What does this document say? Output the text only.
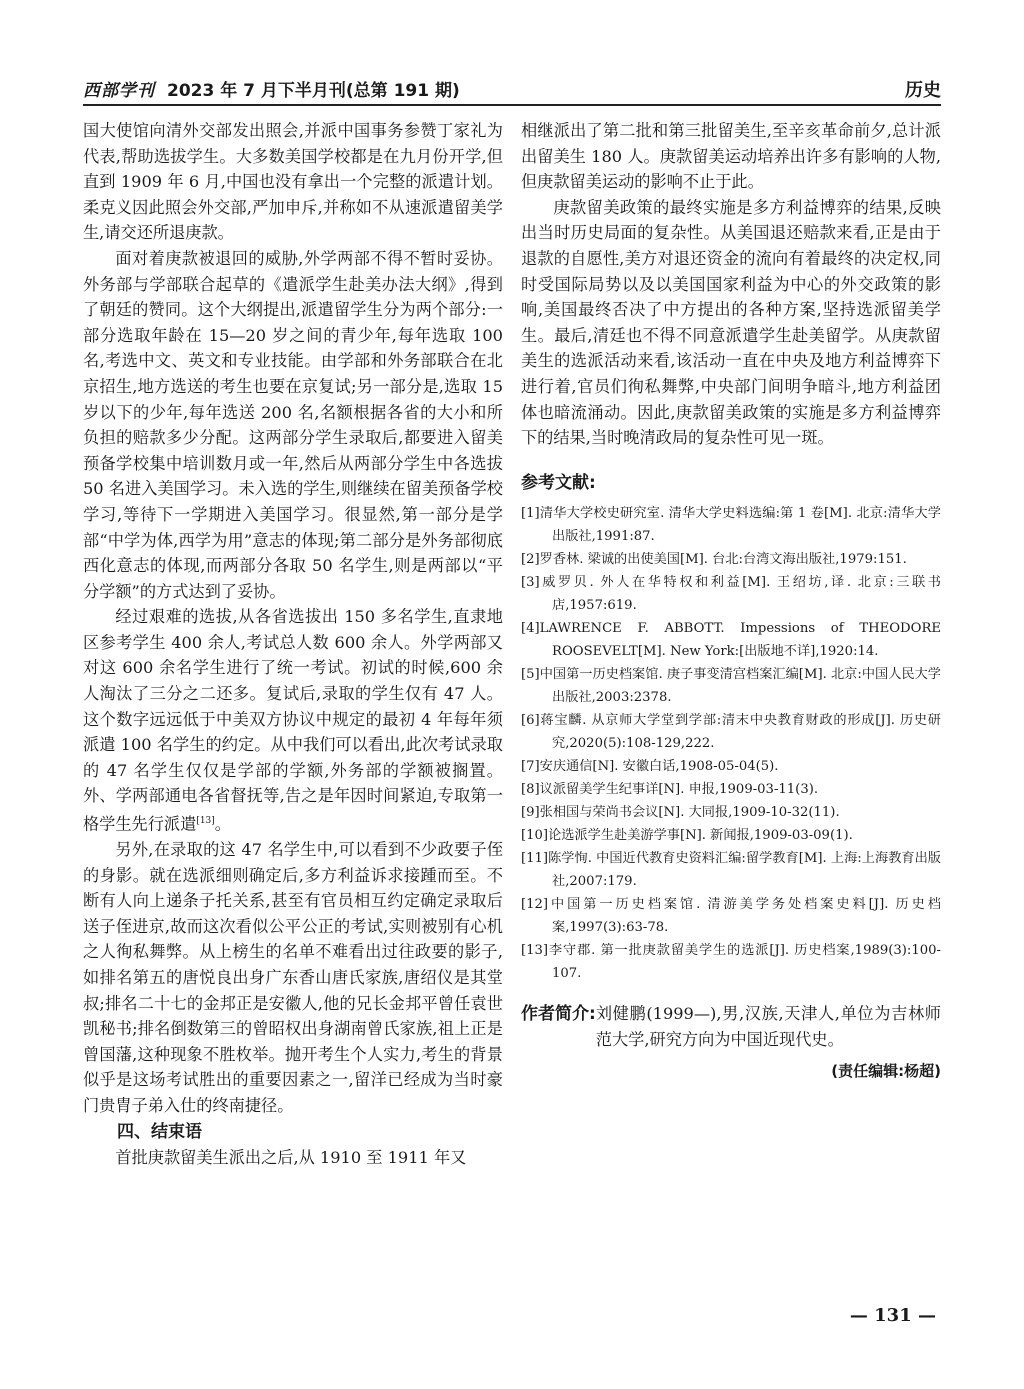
西部学刊 2023 年 7 月下半月刊(总第 191 期)	历史

国大使馆向清外交部发出照会,并派中国事务参赞丁家礼为代表,帮助选拔学生。大多数美国学校都是在九月份开学,但直到 1909 年 6 月,中国也没有拿出一个完整的派遣计划。柔克义因此照会外交部,严加申斥,并称如不从速派遣留美学生,请交还所退庚款。

面对着庚款被退回的威胁,外学两部不得不暂时妥协。外务部与学部联合起草的《遣派学生赴美办法大纲》,得到了朝廷的赞同。这个大纲提出,派遣留学生分为两个部分:一部分选取年龄在 15—20 岁之间的青少年,每年选取 100 名,考选中文、英文和专业技能。由学部和外务部联合在北京招生,地方选送的考生也要在京复试;另一部分是,选取 15 岁以下的少年,每年选送 200 名,名额根据各省的大小和所负担的赔款多少分配。这两部分学生录取后,都要进入留美预备学校集中培训数月或一年,然后从两部分学生中各选拔 50 名进入美国学习。未入选的学生,则继续在留美预备学校学习,等待下一学期进入美国学习。很显然,第一部分是学部“中学为体,西学为用”意志的体现;第二部分是外务部彻底西化意志的体现,而两部分各取 50 名学生,则是两部以“平分学额”的方式达到了妥协。

经过艰难的选拔,从各省选拔出 150 多名学生,直隶地区参考学生 400 余人,考试总人数 600 余人。外学两部又对这 600 余名学生进行了统一考试。初试的时候,600 余人淘汰了三分之二还多。复试后,录取的学生仅有 47 人。这个数字远远低于中美双方协议中规定的最初 4 年每年须派遣 100 名学生的约定。从中我们可以看出,此次考试录取的 47 名学生仅仅是学部的学额,外务部的学额被搁置。外、学两部通电各省督抚等,告之是年因时间紧迫,专取第一格学生先行派遣[13]。

另外,在录取的这 47 名学生中,可以看到不少政要子侄的身影。就在选派细则确定后,多方利益诉求接踵而至。不断有人向上递条子托关系,甚至有官员相互约定确定录取后送子侄进京,故而这次看似公平公正的考试,实则被别有心机之人徇私舞弊。从上榜生的名单不难看出过往政要的影子,如排名第五的唐悦良出身广东香山唐氏家族,唐绍仪是其堂叔;排名二十七的金邦正是安徽人,他的兄长金邦平曾任袁世凯秘书;排名倒数第三的曾昭权出身湖南曾氏家族,祖上正是曾国藩,这种现象不胜枚举。抛开考生个人实力,考生的背景似乎是这场考试胜出的重要因素之一,留洋已经成为当时豪门贵胄子弟入仕的终南捷径。

四、结束语

首批庚款留美生派出之后,从 1910 至 1911 年又

相继派出了第二批和第三批留美生,至辛亥革命前夕,总计派出留美生 180 人。庚款留美运动培养出许多有影响的人物,但庚款留美运动的影响不止于此。

庚款留美政策的最终实施是多方利益博弈的结果,反映出当时历史局面的复杂性。从美国退还赔款来看,正是由于退款的自愿性,美方对退还资金的流向有着最终的决定权,同时受国际局势以及以美国国家利益为中心的外交政策的影响,美国最终否决了中方提出的各种方案,坚持选派留美学生。最后,清廷也不得不同意派遣学生赴美留学。从庚款留美生的选派活动来看,该活动一直在中央及地方利益博弈下进行着,官员们徇私舞弊,中央部门间明争暗斗,地方利益团体也暗流涌动。因此,庚款留美政策的实施是多方利益博弈下的结果,当时晚清政局的复杂性可见一斑。

参考文献:
[1]清华大学校史研究室. 清华大学史料选编:第 1 卷[M]. 北京:清华大学出版社,1991:87.
[2]罗香林. 梁诚的出使美国[M]. 台北:台湾文海出版社,1979:151.
[3]威罗贝. 外人在华特权和利益[M]. 王绍坊,译. 北京:三联书店,1957:619.
[4]LAWRENCE F. ABBOTT. Impessions of THEODORE ROOSEVELT[M]. New York:[出版地不详],1920:14.
[5]中国第一历史档案馆. 庚子事变清宫档案汇编[M]. 北京:中国人民大学出版社,2003:2378.
[6]蒋宝麟. 从京师大学堂到学部:清末中央教育财政的形成[J]. 历史研究,2020(5):108-129,222.
[7]安庆通信[N]. 安徽白话,1908-05-04(5).
[8]议派留美学生纪事详[N]. 申报,1909-03-11(3).
[9]张相国与荣尚书会议[N]. 大同报,1909-10-32(11).
[10]论选派学生赴美游学事[N]. 新闻报,1909-03-09(1).
[11]陈学恂. 中国近代教育史资料汇编:留学教育[M]. 上海:上海教育出版社,2007:179.
[12]中国第一历史档案馆. 清游美学务处档案史料[J]. 历史档案,1997(3):63-78.
[13]李守郡. 第一批庚款留美学生的选派[J]. 历史档案,1989(3):100-107.
作者简介: 刘健鹏(1999—),男,汉族,天津人,单位为吉林师范大学,研究方向为中国近现代史。
(责任编辑:杨超)
— 131 —
